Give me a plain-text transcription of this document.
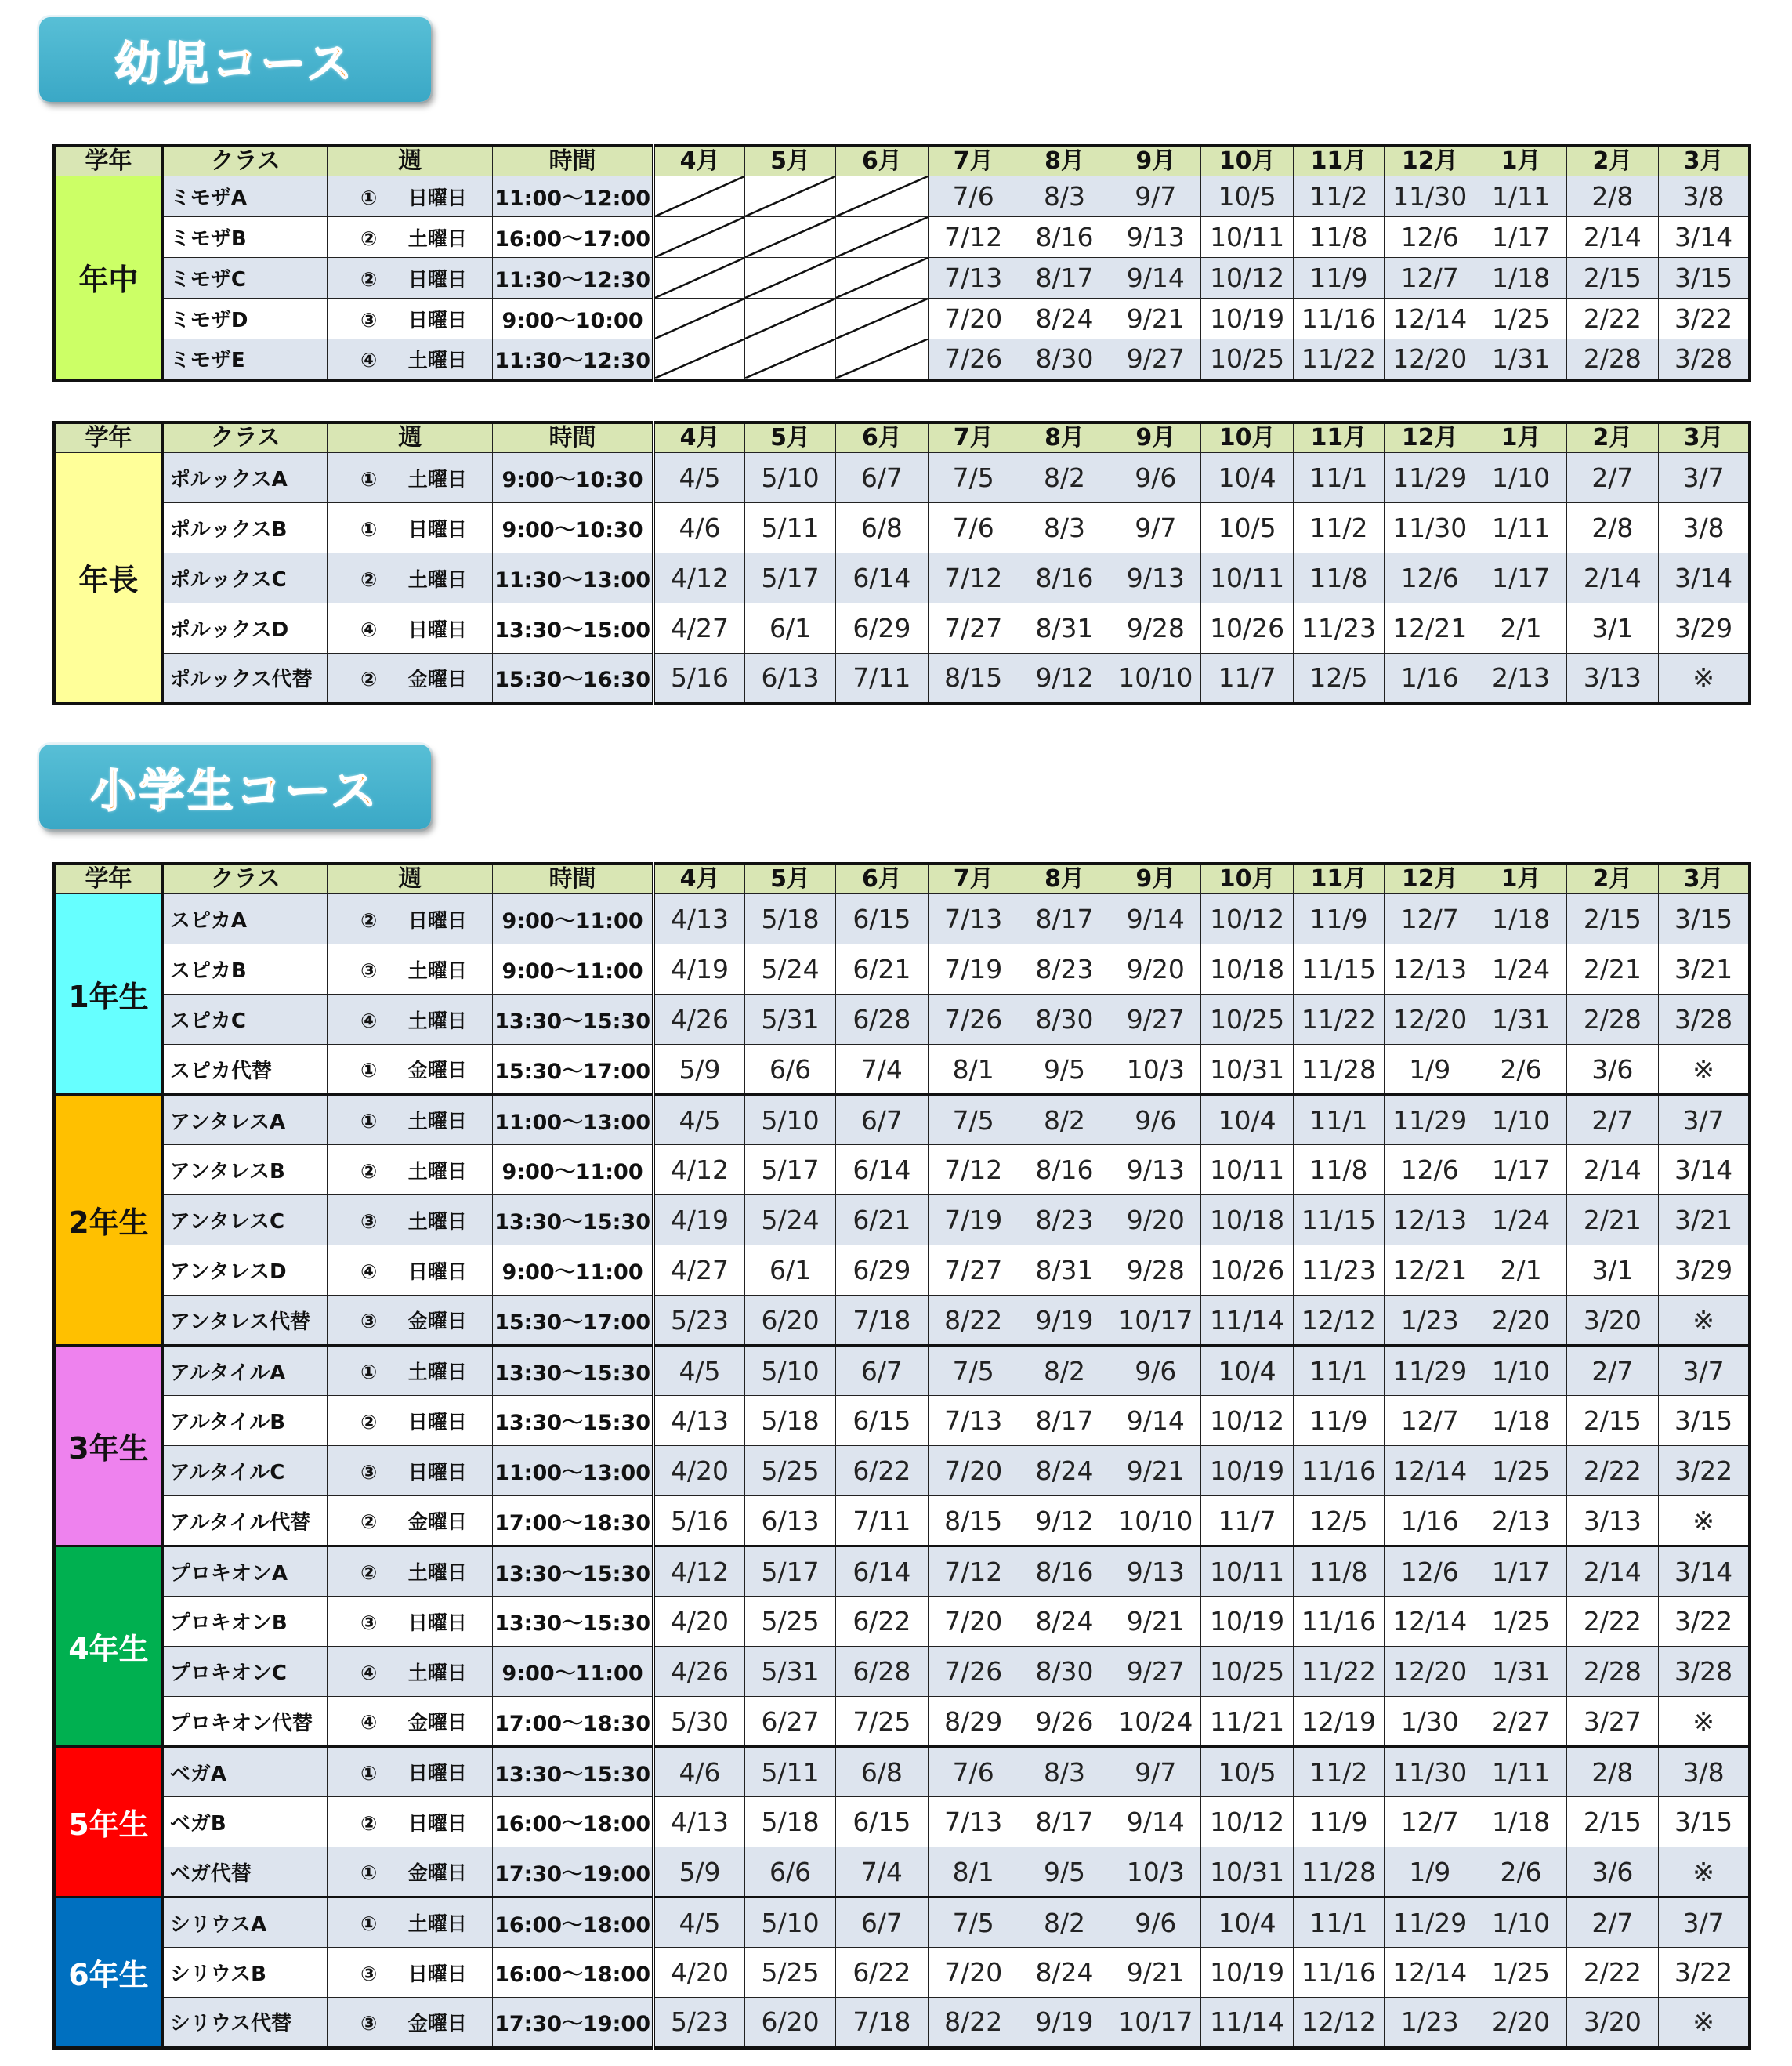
幼児コース
学年	クラス	週	時間	4月	5月	6月	7月	8月	9月	10月	11月	12月	1月	2月	3月
年中	ミモザA	① 日曜日	11:00～12:00				7/6	8/3	9/7	10/5	11/2	11/30	1/11	2/8	3/8
	ミモザB	② 土曜日	16:00～17:00				7/12	8/16	9/13	10/11	11/8	12/6	1/17	2/14	3/14
	ミモザC	② 日曜日	11:30～12:30				7/13	8/17	9/14	10/12	11/9	12/7	1/18	2/15	3/15
	ミモザD	③ 日曜日	9:00～10:00				7/20	8/24	9/21	10/19	11/16	12/14	1/25	2/22	3/22
	ミモザE	④ 土曜日	11:30～12:30				7/26	8/30	9/27	10/25	11/22	12/20	1/31	2/28	3/28
学年	クラス	週	時間	4月	5月	6月	7月	8月	9月	10月	11月	12月	1月	2月	3月
年長	ポルックスA	① 土曜日	9:00～10:30	4/5	5/10	6/7	7/5	8/2	9/6	10/4	11/1	11/29	1/10	2/7	3/7
	ポルックスB	① 日曜日	9:00～10:30	4/6	5/11	6/8	7/6	8/3	9/7	10/5	11/2	11/30	1/11	2/8	3/8
	ポルックスC	② 土曜日	11:30～13:00	4/12	5/17	6/14	7/12	8/16	9/13	10/11	11/8	12/6	1/17	2/14	3/14
	ポルックスD	④ 日曜日	13:30～15:00	4/27	6/1	6/29	7/27	8/31	9/28	10/26	11/23	12/21	2/1	3/1	3/29
	ポルックス代替	② 金曜日	15:30～16:30	5/16	6/13	7/11	8/15	9/12	10/10	11/7	12/5	1/16	2/13	3/13	※
小学生コース
学年	クラス	週	時間	4月	5月	6月	7月	8月	9月	10月	11月	12月	1月	2月	3月
1年生	スピカA	② 日曜日	9:00～11:00	4/13	5/18	6/15	7/13	8/17	9/14	10/12	11/9	12/7	1/18	2/15	3/15
	スピカB	③ 土曜日	9:00～11:00	4/19	5/24	6/21	7/19	8/23	9/20	10/18	11/15	12/13	1/24	2/21	3/21
	スピカC	④ 土曜日	13:30～15:30	4/26	5/31	6/28	7/26	8/30	9/27	10/25	11/22	12/20	1/31	2/28	3/28
	スピカ代替	① 金曜日	15:30～17:00	5/9	6/6	7/4	8/1	9/5	10/3	10/31	11/28	1/9	2/6	3/6	※
2年生	アンタレスA	① 土曜日	11:00～13:00	4/5	5/10	6/7	7/5	8/2	9/6	10/4	11/1	11/29	1/10	2/7	3/7
	アンタレスB	② 土曜日	9:00～11:00	4/12	5/17	6/14	7/12	8/16	9/13	10/11	11/8	12/6	1/17	2/14	3/14
	アンタレスC	③ 土曜日	13:30～15:30	4/19	5/24	6/21	7/19	8/23	9/20	10/18	11/15	12/13	1/24	2/21	3/21
	アンタレスD	④ 日曜日	9:00～11:00	4/27	6/1	6/29	7/27	8/31	9/28	10/26	11/23	12/21	2/1	3/1	3/29
	アンタレス代替	③ 金曜日	15:30～17:00	5/23	6/20	7/18	8/22	9/19	10/17	11/14	12/12	1/23	2/20	3/20	※
3年生	アルタイルA	① 土曜日	13:30～15:30	4/5	5/10	6/7	7/5	8/2	9/6	10/4	11/1	11/29	1/10	2/7	3/7
	アルタイルB	② 日曜日	13:30～15:30	4/13	5/18	6/15	7/13	8/17	9/14	10/12	11/9	12/7	1/18	2/15	3/15
	アルタイルC	③ 日曜日	11:00～13:00	4/20	5/25	6/22	7/20	8/24	9/21	10/19	11/16	12/14	1/25	2/22	3/22
	アルタイル代替	② 金曜日	17:00～18:30	5/16	6/13	7/11	8/15	9/12	10/10	11/7	12/5	1/16	2/13	3/13	※
4年生	プロキオンA	② 土曜日	13:30～15:30	4/12	5/17	6/14	7/12	8/16	9/13	10/11	11/8	12/6	1/17	2/14	3/14
	プロキオンB	③ 日曜日	13:30～15:30	4/20	5/25	6/22	7/20	8/24	9/21	10/19	11/16	12/14	1/25	2/22	3/22
	プロキオンC	④ 土曜日	9:00～11:00	4/26	5/31	6/28	7/26	8/30	9/27	10/25	11/22	12/20	1/31	2/28	3/28
	プロキオン代替	④ 金曜日	17:00～18:30	5/30	6/27	7/25	8/29	9/26	10/24	11/21	12/19	1/30	2/27	3/27	※
5年生	ベガA	① 日曜日	13:30～15:30	4/6	5/11	6/8	7/6	8/3	9/7	10/5	11/2	11/30	1/11	2/8	3/8
	ベガB	② 日曜日	16:00～18:00	4/13	5/18	6/15	7/13	8/17	9/14	10/12	11/9	12/7	1/18	2/15	3/15
	ベガ代替	① 金曜日	17:30～19:00	5/9	6/6	7/4	8/1	9/5	10/3	10/31	11/28	1/9	2/6	3/6	※
6年生	シリウスA	① 土曜日	16:00～18:00	4/5	5/10	6/7	7/5	8/2	9/6	10/4	11/1	11/29	1/10	2/7	3/7
	シリウスB	③ 日曜日	16:00～18:00	4/20	5/25	6/22	7/20	8/24	9/21	10/19	11/16	12/14	1/25	2/22	3/22
	シリウス代替	③ 金曜日	17:30～19:00	5/23	6/20	7/18	8/22	9/19	10/17	11/14	12/12	1/23	2/20	3/20	※
